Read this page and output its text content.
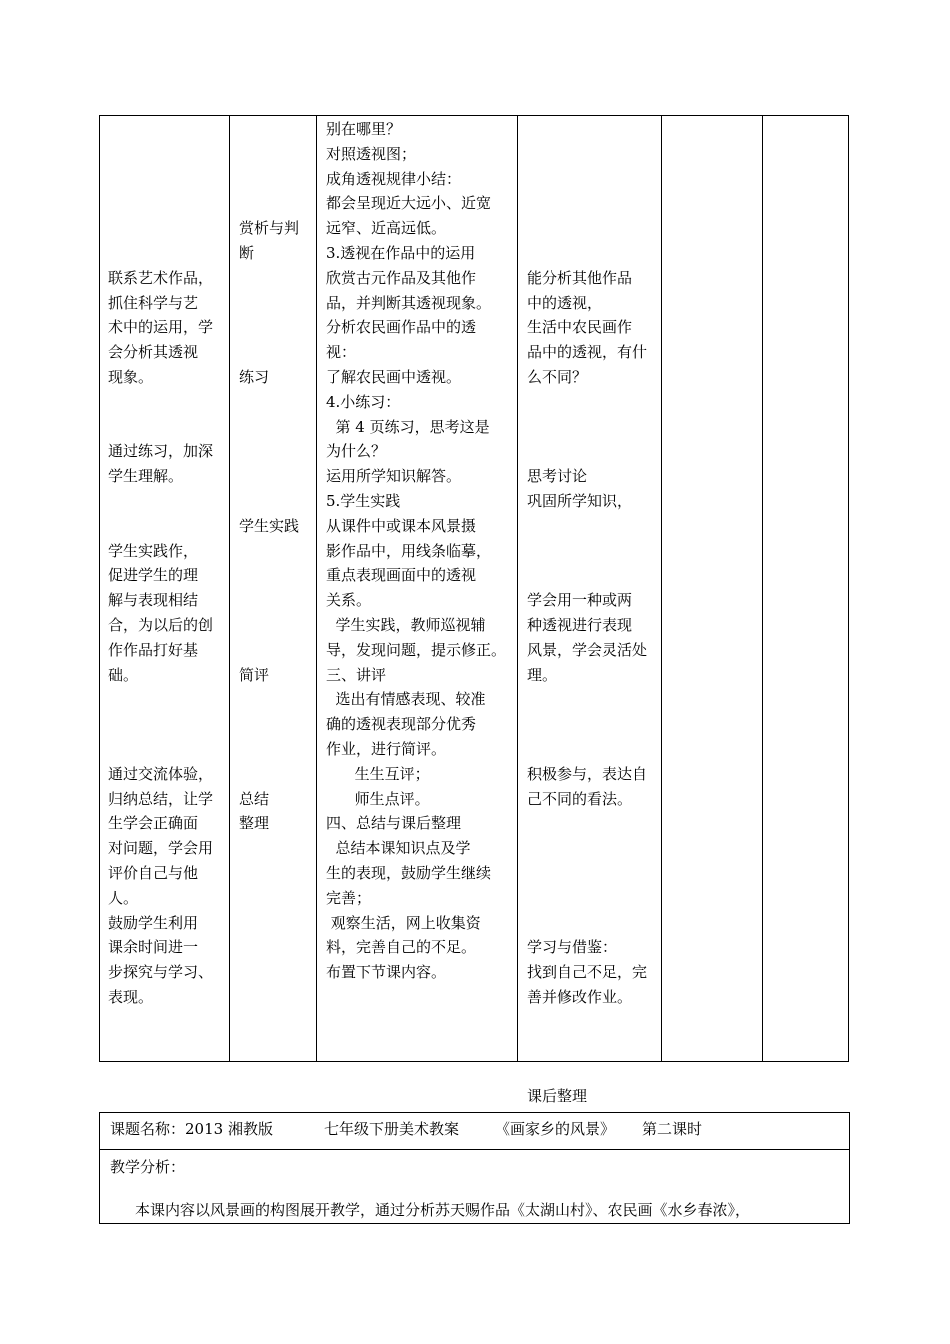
联系艺术作品，
抓住科学与艺
术中的运用，学
会分析其透视
现象。

通过练习，加深
学生理解。

学生实践作，
促进学生的理
解与表现相结
合，为以后的创
作作品打好基
础。

通过交流体验，
归纳总结，让学
生学会正确面
对问题，学会用
评价自己与他
人。
鼓励学生利用
课余时间进一
步探究与学习、
表现。

赏析与判
断

练习

学生实践

简评

总结
整理
别在哪里？
对照透视图；
成角透视规律小结：
都会呈现近大远小、近宽
远窄、近高远低。
3.透视在作品中的运用
欣赏古元作品及其他作
品，并判断其透视现象。
分析农民画作品中的透
视：
了解农民画中透视。
4.小练习：
第 4 页练习，思考这是
为什么？
运用所学知识解答。
5.学生实践
从课件中或课本风景摄
影作品中，用线条临摹，
重点表现画面中的透视
关系。
学生实践，教师巡视辅
导，发现问题，提示修正。
三、讲评
选出有情感表现、较准
确的透视表现部分优秀
作业，进行简评。
生生互评；
师生点评。
四、总结与课后整理
总结本课知识点及学
生的表现，鼓励学生继续
完善；
观察生活，网上收集资
料，完善自己的不足。
布置下节课内容。

能分析其他作品
中的透视，
生活中农民画作
品中的透视，有什
么不同？

思考讨论
巩固所学知识，

学会用一种或两
种透视进行表现
风景，学会灵活处
理。

积极参与，表达自
己不同的看法。

学习与借鉴：
找到自己不足，完
善并修改作业。

课后整理
课题名称：2013 湘教版	七年级下册美术教案 《画家乡的风景》 第二课时
教学分析：
本课内容以风景画的构图展开教学，通过分析苏天赐作品《太湖山村》、农民画《水乡春浓》，
